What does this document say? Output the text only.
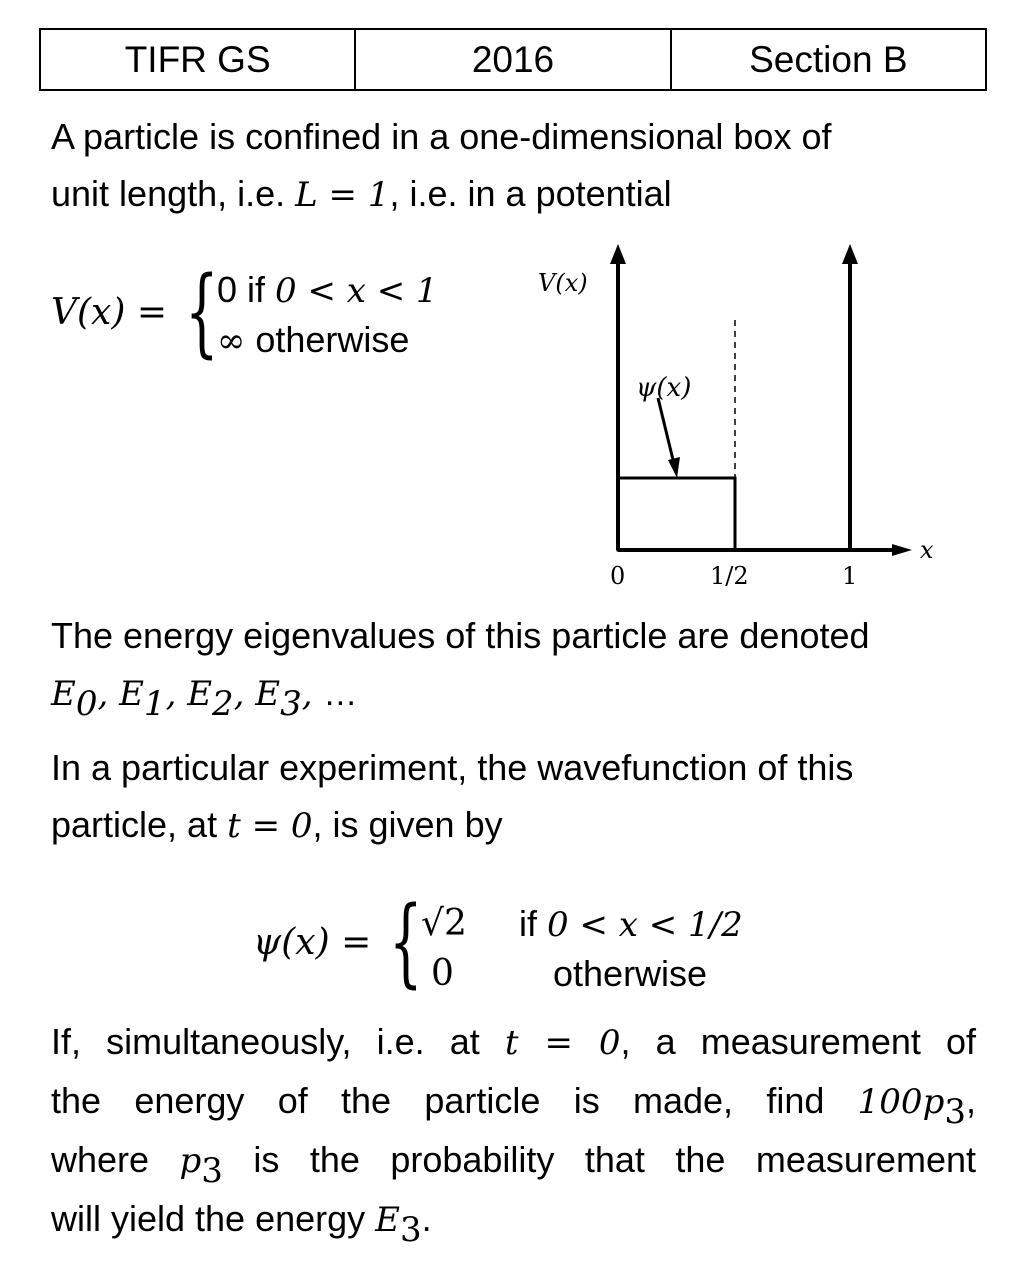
TIFR GS	2016	Section B
A particle is confined in a one-dimensional box of
unit length, i.e. L = 1, i.e. in a potential
V(x) = {
0 if 0 < x < 1
∞ otherwise
V(x)
ψ(x)
x
0	1/2	1
The energy eigenvalues of this particle are denoted
$E_0$, $E_1$, $E_2$, $E_3$, …
In a particular experiment, the wavefunction of this
particle, at t = 0, is given by
ψ(x) = {
√2 if 0 < x < 1/2
0	otherwise
If, simultaneously, i.e. at t = 0, a measurement of
the energy of the particle is made, find $100p_3$,
where $p_3$ is the probability that the measurement
will yield the energy $E_3$.
